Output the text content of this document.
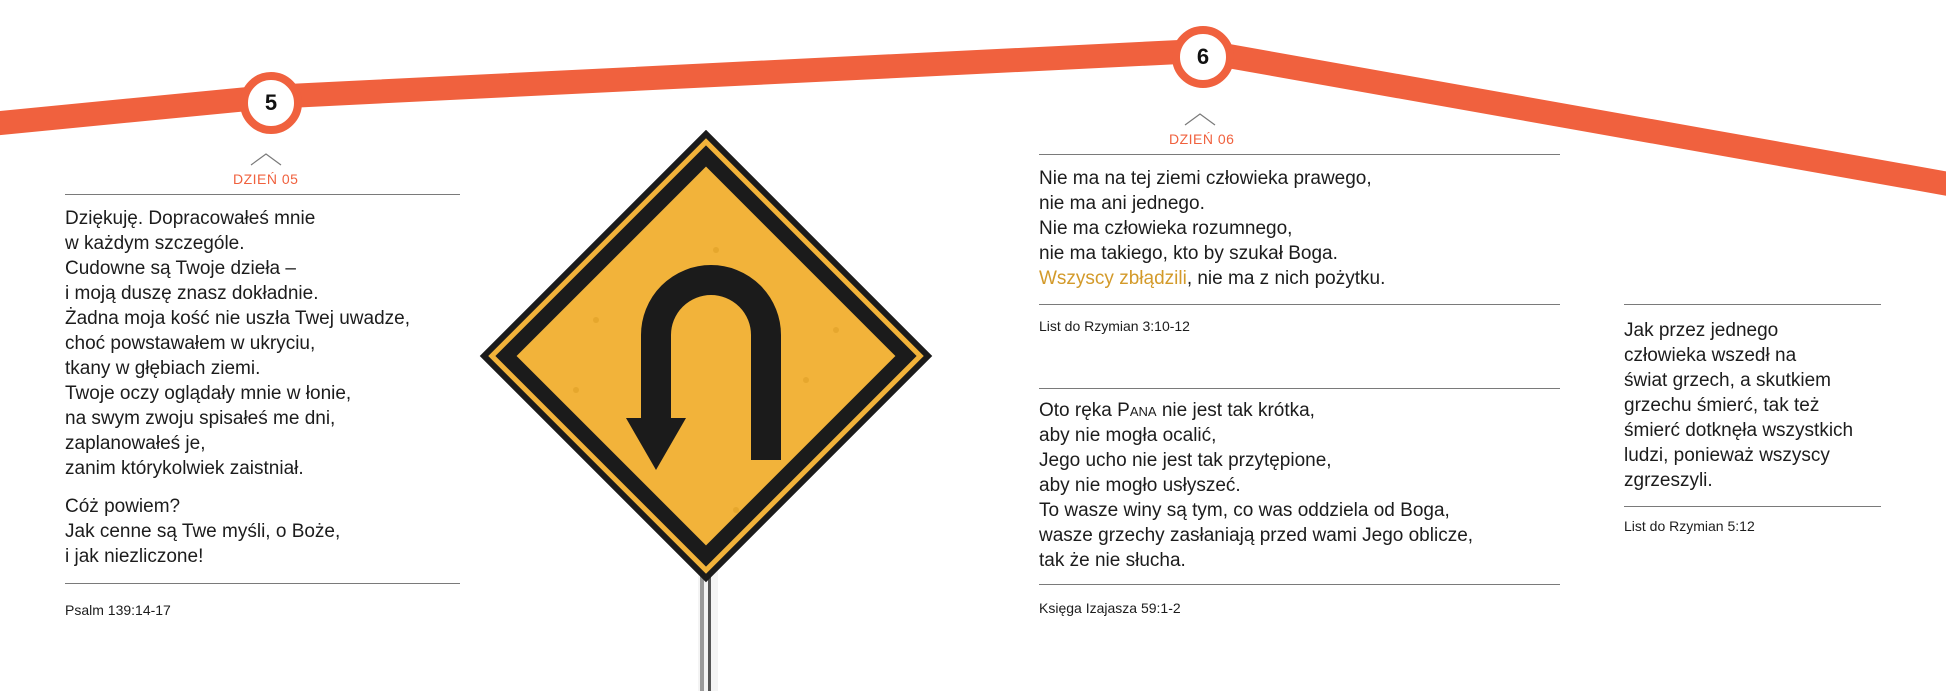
5
6
DZIEŃ 05

Dziękuję. Dopracowałeś mnie

w każdym szczególe.

Cudowne są Twoje dzieła –

i moją duszę znasz dokładnie.

Żadna moja kość nie uszła Twej uwadze,

choć powstawałem w ukryciu,

tkany w głębiach ziemi.

Twoje oczy oglądały mnie w łonie,

na swym zwoju spisałeś me dni,

zaplanowałeś je,

zanim którykolwiek zaistniał.

Cóż powiem?

Jak cenne są Twe myśli, o Boże,

i jak niezliczone!

Psalm 139:14-17
DZIEŃ 06

Nie ma na tej ziemi człowieka prawego,

nie ma ani jednego.

Nie ma człowieka rozumnego,

nie ma takiego, kto by szukał Boga.

Wszyscy zbłądzili, nie ma z nich pożytku.

List do Rzymian 3:10-12

Oto ręka Pana nie jest tak krótka,

aby nie mogła ocalić,

Jego ucho nie jest tak przytępione,

aby nie mogło usłyszeć.

To wasze winy są tym, co was oddziela od Boga,

wasze grzechy zasłaniają przed wami Jego oblicze,

tak że nie słucha.

Księga Izajasza 59:1-2

Jak przez jednego

człowieka wszedł na

świat grzech, a skutkiem

grzechu śmierć, tak też

śmierć dotknęła wszystkich

ludzi, ponieważ wszyscy

zgrzeszyli.

List do Rzymian 5:12
